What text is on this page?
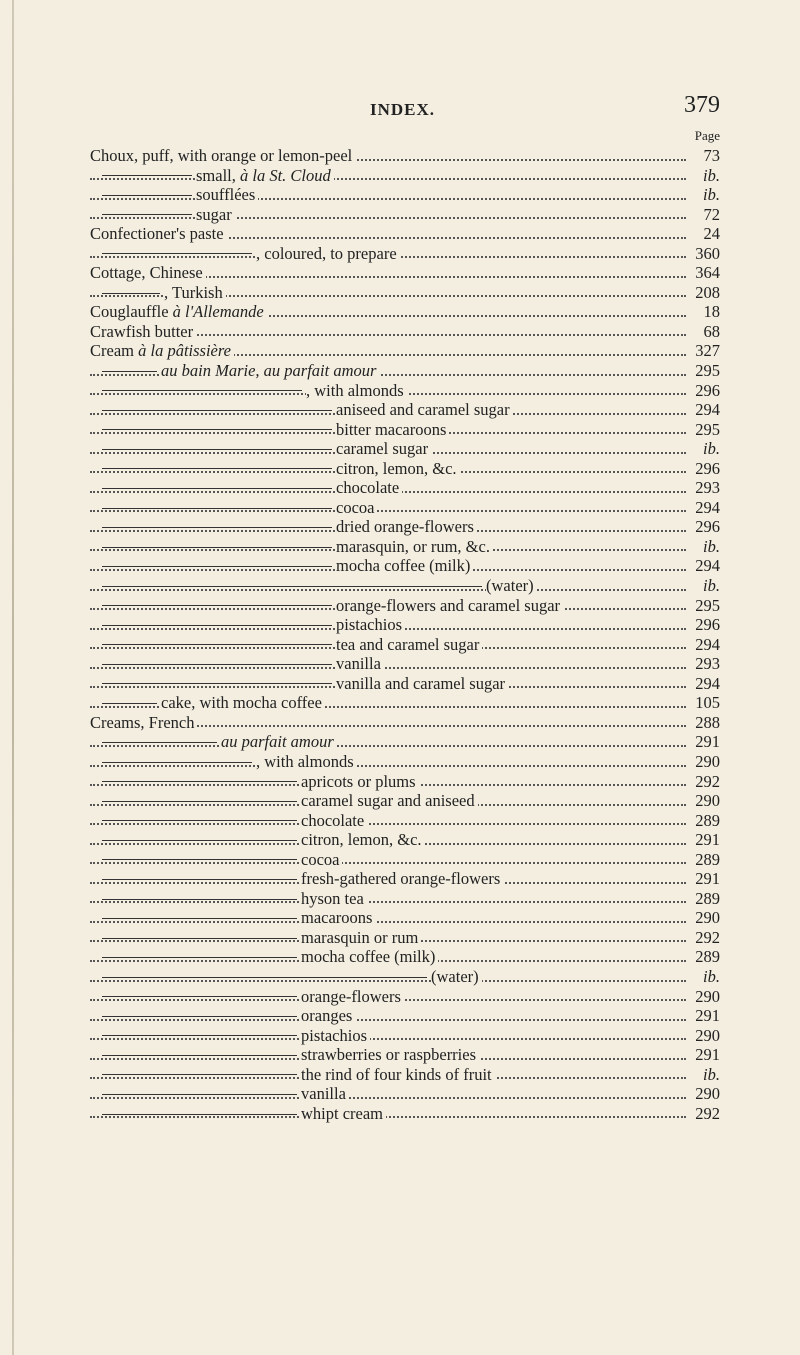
INDEX.	379
Page
Choux, puff, with orange or lemon-peel	73
small, à la St. Cloud	ib.
soufflées	ib.
sugar	72
Confectioner's paste	24
, coloured, to prepare	360
Cottage, Chinese	364
, Turkish	208
Couglauffle à l'Allemande	18
Crawfish butter	68
Cream à la pâtissière	327
au bain Marie, au parfait amour	295
, with almonds	296
aniseed and caramel sugar	294
bitter macaroons	295
caramel sugar	ib.
citron, lemon, &c.	296
chocolate	293
cocoa	294
dried orange-flowers	296
marasquin, or rum, &c.	ib.
mocha coffee (milk)	294
(water)	ib.
orange-flowers and caramel sugar	295
pistachios	296
tea and caramel sugar	294
vanilla	293
vanilla and caramel sugar	294
cake, with mocha coffee	105
Creams, French	288
au parfait amour	291
, with almonds	290
apricots or plums	292
caramel sugar and aniseed	290
chocolate	289
citron, lemon, &c.	291
cocoa	289
fresh-gathered orange-flowers	291
hyson tea	289
macaroons	290
marasquin or rum	292
mocha coffee (milk)	289
(water)	ib.
orange-flowers	290
oranges	291
pistachios	290
strawberries or raspberries	291
the rind of four kinds of fruit	ib.
vanilla	290
whipt cream	292
